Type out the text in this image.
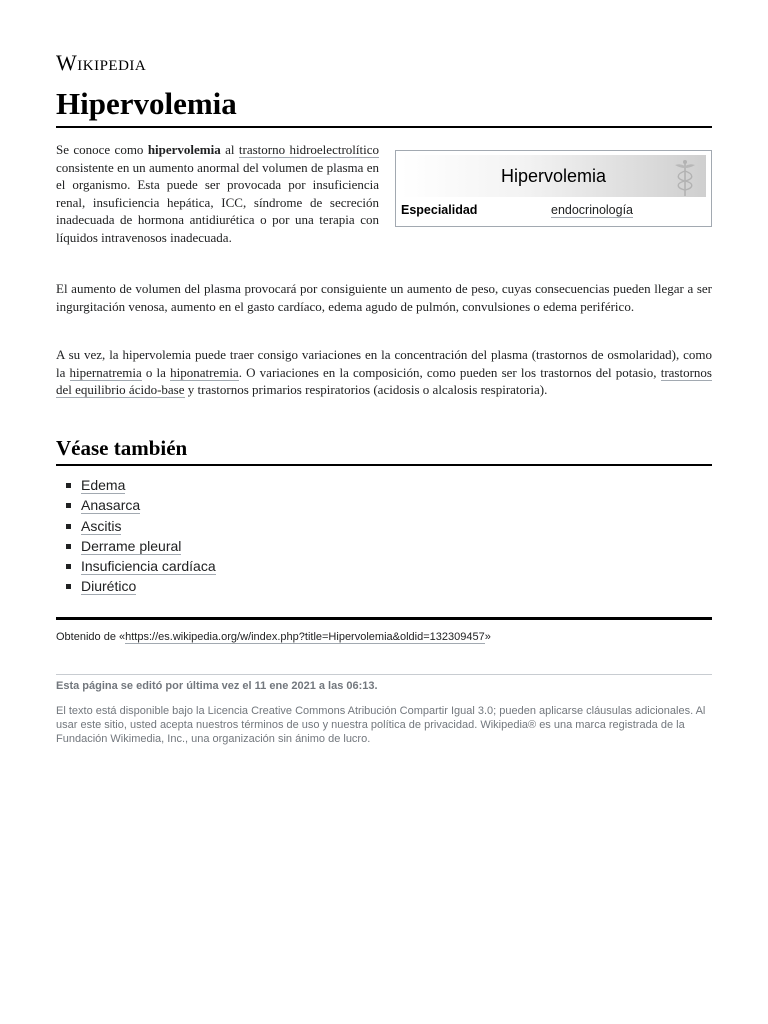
Wikipedia
Hipervolemia
Se conoce como hipervolemia al trastorno hidroelectrolítico consistente en un aumento anormal del volumen de plasma en el organismo. Esta puede ser provocada por insuficiencia renal, insuficiencia hepática, ICC, síndrome de secreción inadecuada de hormona antidiurética o por una terapia con líquidos intravenosos inadecuada.
Hipervolemia
Especialidad	endocrinología
El aumento de volumen del plasma provocará por consiguiente un aumento de peso, cuyas consecuencias pueden llegar a ser ingurgitación venosa, aumento en el gasto cardíaco, edema agudo de pulmón, convulsiones o edema periférico.
A su vez, la hipervolemia puede traer consigo variaciones en la concentración del plasma (trastornos de osmolaridad), como la hipernatremia o la hiponatremia. O variaciones en la composición, como pueden ser los trastornos del potasio, trastornos del equilibrio ácido-base y trastornos primarios respiratorios (acidosis o alcalosis respiratoria).
Véase también
Edema
Anasarca
Ascitis
Derrame pleural
Insuficiencia cardíaca
Diurético
Obtenido de «https://es.wikipedia.org/w/index.php?title=Hipervolemia&oldid=132309457»
Esta página se editó por última vez el 11 ene 2021 a las 06:13.
El texto está disponible bajo la Licencia Creative Commons Atribución Compartir Igual 3.0; pueden aplicarse cláusulas adicionales. Al usar este sitio, usted acepta nuestros términos de uso y nuestra política de privacidad. Wikipedia® es una marca registrada de la Fundación Wikimedia, Inc., una organización sin ánimo de lucro.
